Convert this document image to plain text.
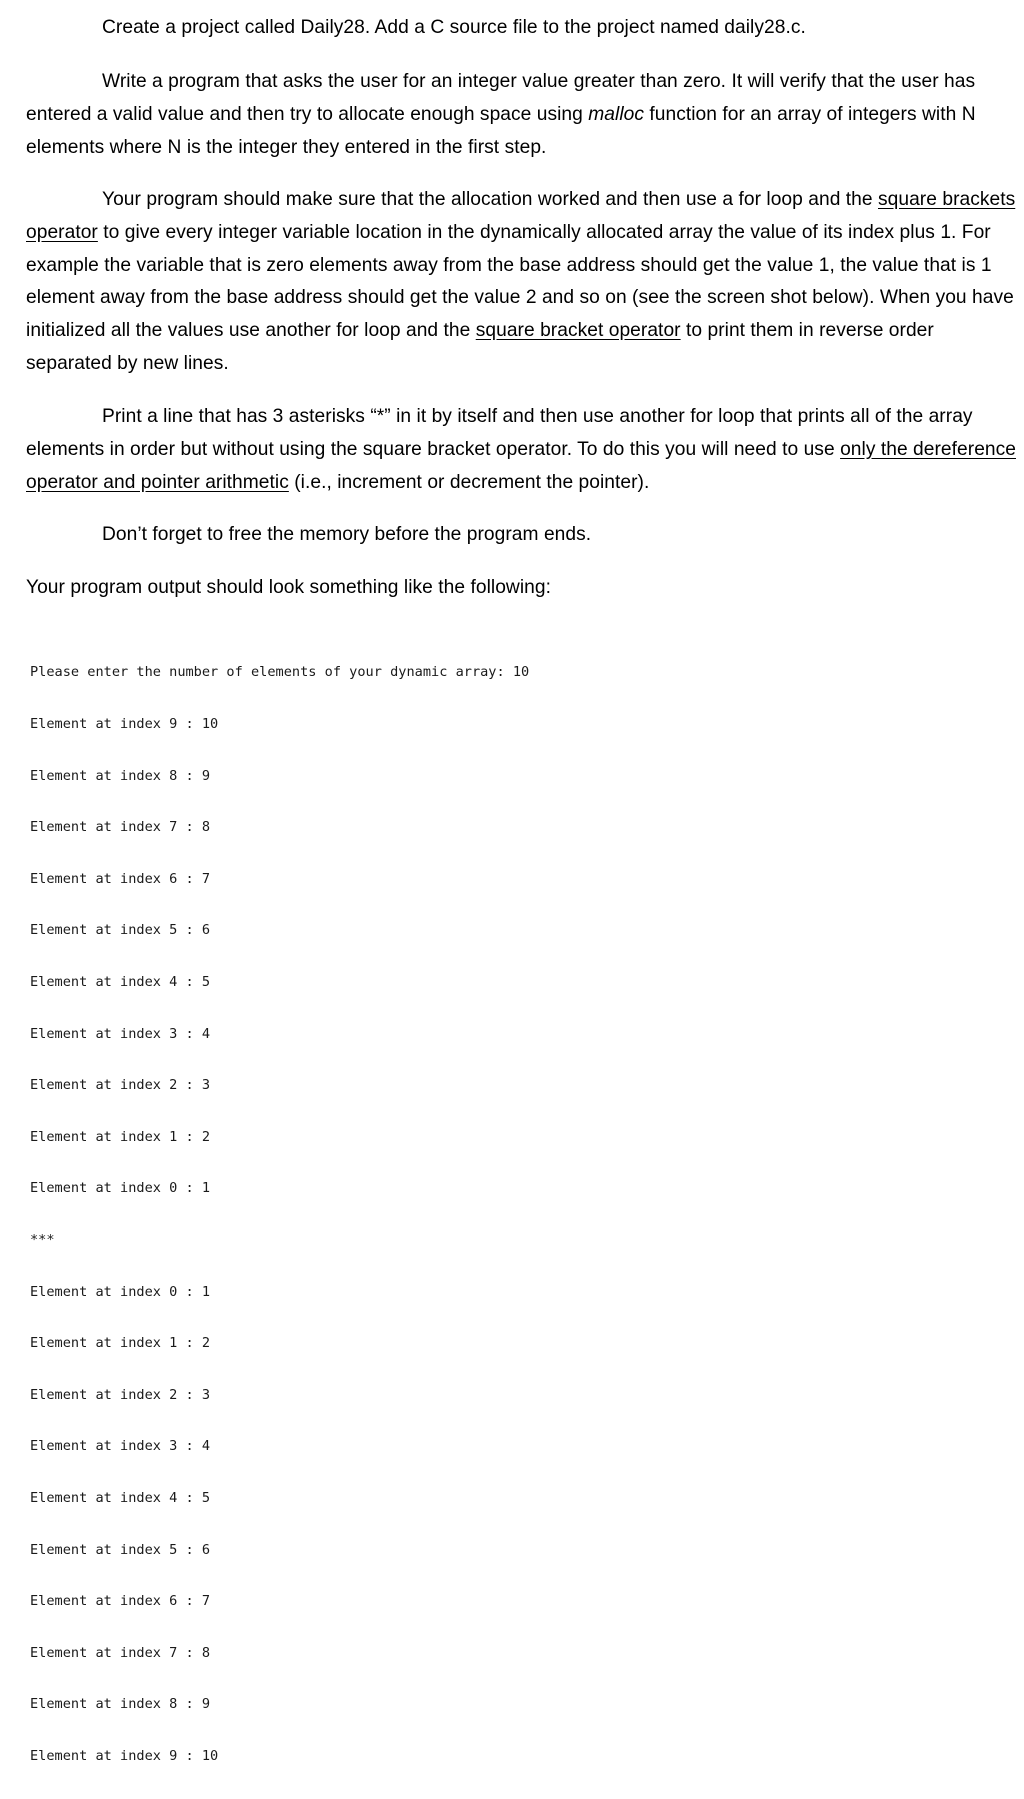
Create a project called Daily28. Add a C source file to the project named daily28.c.

Write a program that asks the user for an integer value greater than zero. It will verify that the user has entered a valid value and then try to allocate enough space using malloc function for an array of integers with N elements where N is the integer they entered in the first step.

Your program should make sure that the allocation worked and then use a for loop and the square brackets operator to give every integer variable location in the dynamically allocated array the value of its index plus 1. For example the variable that is zero elements away from the base address should get the value 1, the value that is 1 element away from the base address should get the value 2 and so on (see the screen shot below). When you have initialized all the values use another for loop and the square bracket operator to print them in reverse order separated by new lines.

Print a line that has 3 asterisks “*” in it by itself and then use another for loop that prints all of the array elements in order but without using the square bracket operator. To do this you will need to use only the dereference operator and pointer arithmetic (i.e., increment or decrement the pointer).

Don’t forget to free the memory before the program ends.

Your program output should look something like the following:

Please enter the number of elements of your dynamic array: 10

Element at index 9 : 10

Element at index 8 : 9

Element at index 7 : 8

Element at index 6 : 7

Element at index 5 : 6

Element at index 4 : 5

Element at index 3 : 4

Element at index 2 : 3

Element at index 1 : 2

Element at index 0 : 1

***

Element at index 0 : 1

Element at index 1 : 2

Element at index 2 : 3

Element at index 3 : 4

Element at index 4 : 5

Element at index 5 : 6

Element at index 6 : 7

Element at index 7 : 8

Element at index 8 : 9

Element at index 9 : 10
